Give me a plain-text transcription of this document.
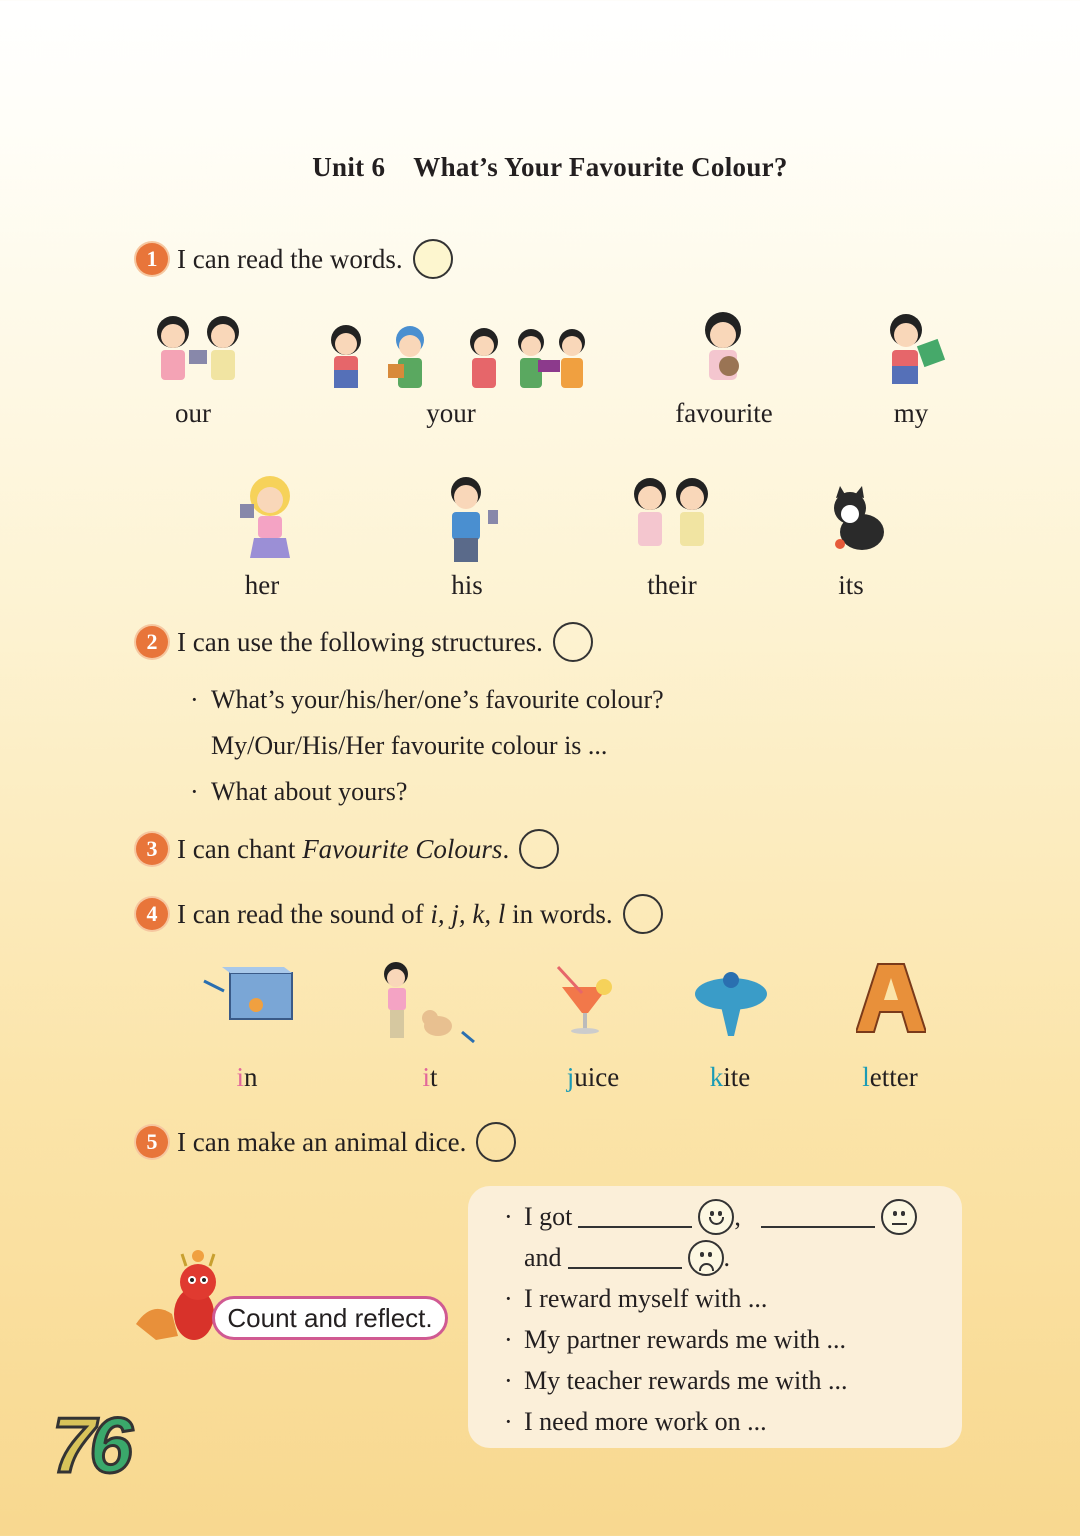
Unit 6 What’s Your Favourite Colour?
1 I can read the words.
our	your	favourite	my
her	his	their	its
2 I can use the following structures.
· What’s your/his/her/one’s favourite colour?
My/Our/His/Her favourite colour is ...
· What about yours?
3 I can chant Favourite Colours.
4 I can read the sound of i, j, k, l in words.
in	it	juice	kite	letter
5 I can make an animal dice.
Count and reflect.
· I got	,
and	.
· I reward myself with ...
· My partner rewards me with ...
· My teacher rewards me with ...
· I need more work on ...
76
